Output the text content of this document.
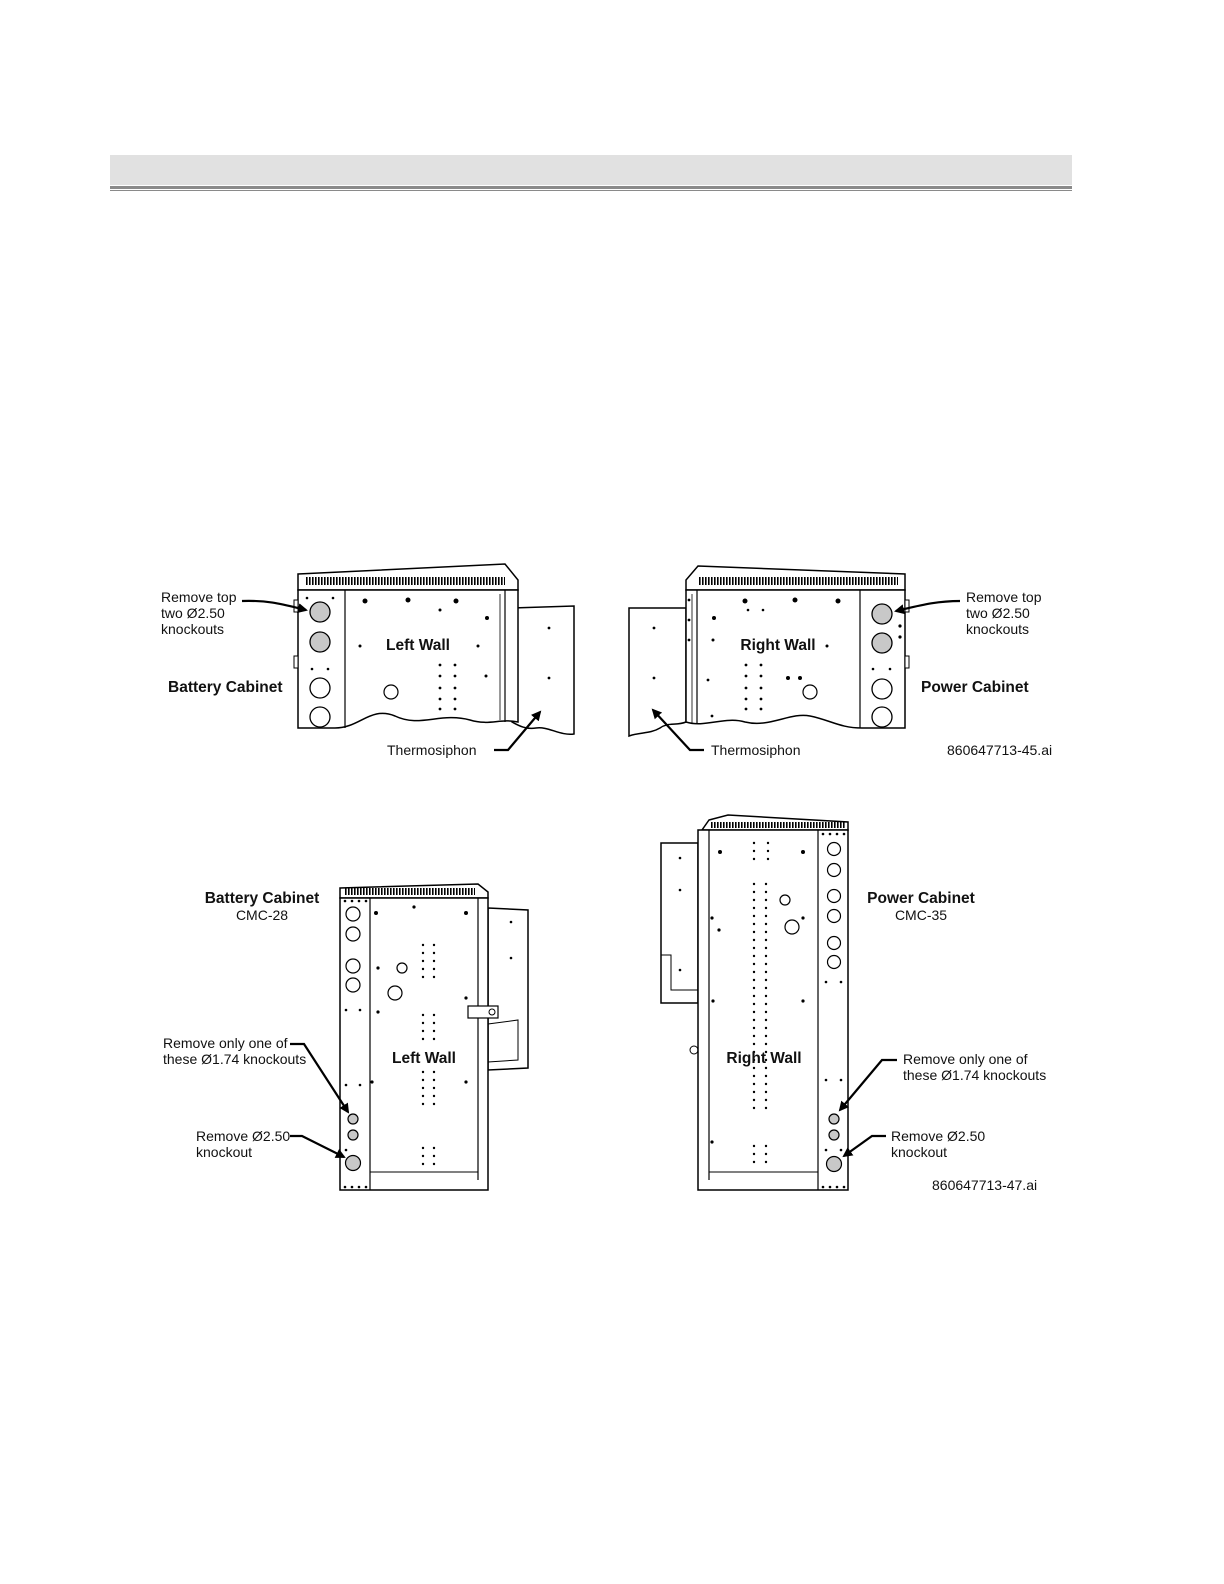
Remove top
two Ø2.50
knockouts
Left Wall
Battery Cabinet
Thermosiphon
Remove top
two Ø2.50
knockouts
Right Wall
Power Cabinet
Thermosiphon	860647713-45.ai
Battery Cabinet
CMC-28
Left Wall
Remove only one of
these Ø1.74 knockouts
Remove Ø2.50
knockout
Power Cabinet
CMC-35
Right Wall	Remove only one of
these Ø1.74 knockouts
Remove Ø2.50
knockout
860647713-47.ai
